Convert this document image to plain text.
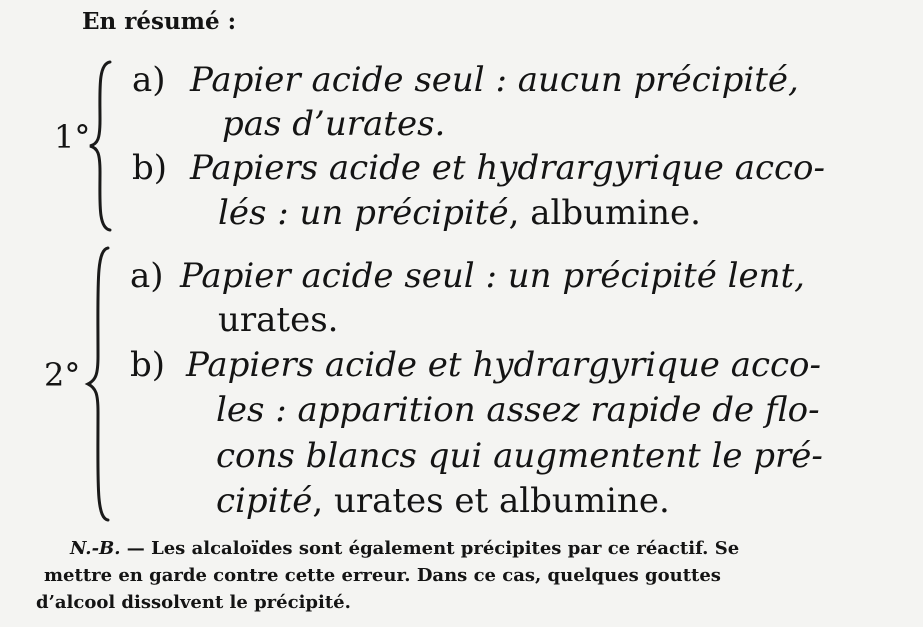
En résumé :
1°
a) Papier acide seul : aucun précipité,
pas d’urates.
b) Papiers acide et hydrargyrique acco-
lés : un précipité, albumine.
2°
a) Papier acide seul : un précipité lent,
urates.
b) Papiers acide et hydrargyrique acco-
les : apparition assez rapide de flo-
cons blancs qui augmentent le pré-
cipité, urates et albumine.
N.-B. — Les alcaloïdes sont également précipites par ce réactif. Se
mettre en garde contre cette erreur. Dans ce cas, quelques gouttes
d’alcool dissolvent le précipité.
